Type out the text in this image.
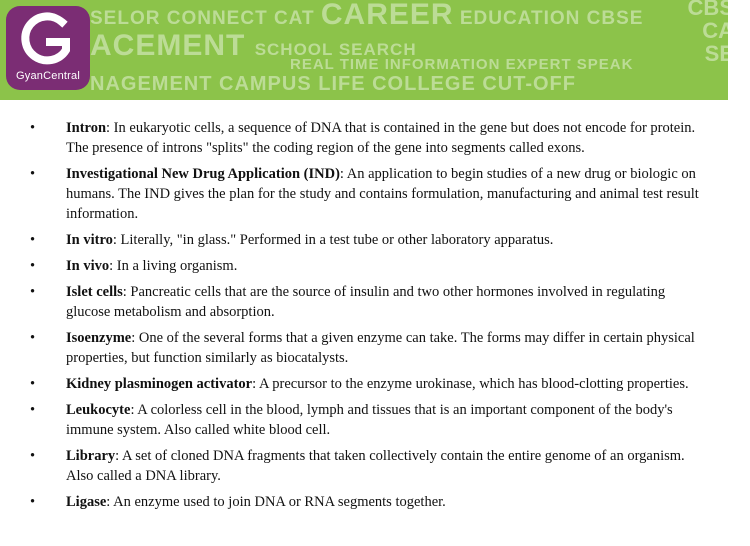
SELOR CONNECT CAT CAREER EDUCATION CBSE
ACEMENT SCHOOL SEARCH
REAL TIME INFORMATION EXPERT SPEAK
NAGEMENT CAMPUS LIFE COLLEGE CUT-OFF
CBS
CA
SE
GyanCentral
• Intron: In eukaryotic cells, a sequence of DNA that is contained in the gene but does not encode for protein. The presence of introns "splits" the coding region of the gene into segments called exons.
• Investigational New Drug Application (IND): An application to begin studies of a new drug or biologic on humans. The IND gives the plan for the study and contains formulation, manufacturing and animal test result information.
• In vitro: Literally, "in glass." Performed in a test tube or other laboratory apparatus.
• In vivo: In a living organism.
• Islet cells: Pancreatic cells that are the source of insulin and two other hormones involved in regulating glucose metabolism and absorption.
• Isoenzyme: One of the several forms that a given enzyme can take. The forms may differ in certain physical properties, but function similarly as biocatalysts.
• Kidney plasminogen activator: A precursor to the enzyme urokinase, which has blood-clotting properties.
• Leukocyte: A colorless cell in the blood, lymph and tissues that is an important component of the body's immune system. Also called white blood cell.
• Library: A set of cloned DNA fragments that taken collectively contain the entire genome of an organism. Also called a DNA library.
• Ligase: An enzyme used to join DNA or RNA segments together.
